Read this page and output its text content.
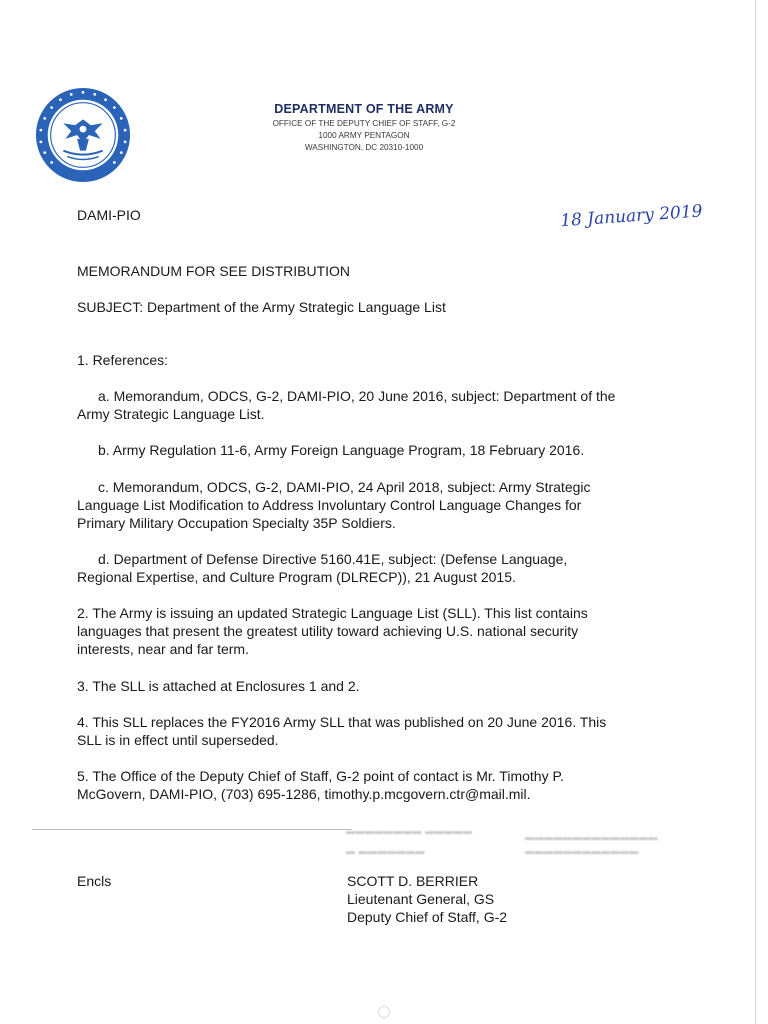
DEPARTMENT OF THE ARMY
OFFICE OF THE DEPUTY CHIEF OF STAFF, G-2
1000 ARMY PENTAGON
WASHINGTON, DC 20310-1000
DAMI-PIO	18 January 2019
MEMORANDUM FOR SEE DISTRIBUTION
SUBJECT: Department of the Army Strategic Language List
1. References:
a. Memorandum, ODCS, G-2, DAMI-PIO, 20 June 2016, subject: Department of the
Army Strategic Language List.
b. Army Regulation 11-6, Army Foreign Language Program, 18 February 2016.
c. Memorandum, ODCS, G-2, DAMI-PIO, 24 April 2018, subject: Army Strategic
Language List Modification to Address Involuntary Control Language Changes for
Primary Military Occupation Specialty 35P Soldiers.
d. Department of Defense Directive 5160.41E, subject: (Defense Language,
Regional Expertise, and Culture Program (DLRECP)), 21 August 2015.
2. The Army is issuing an updated Strategic Language List (SLL). This list contains
languages that present the greatest utility toward achieving U.S. national security
interests, near and far term.
3. The SLL is attached at Enclosures 1 and 2.
4. This SLL replaces the FY2016 Army SLL that was published on 20 June 2016. This
SLL is in effect until superseded.
5. The Office of the Deputy Chief of Staff, G-2 point of contact is Mr. Timothy P.
McGovern, DAMI-PIO, (703) 695-1286, timothy.p.mcgovern.ctr@mail.mil.
▬▬▬▬▬▬▬▬ ▬▬▬▬▬
▬ ▬▬▬▬▬▬▬
▬▬▬▬▬▬▬▬▬▬▬▬▬▬
▬▬▬▬▬▬▬▬▬▬▬▬
Encls	SCOTT D. BERRIER
Lieutenant General, GS
Deputy Chief of Staff, G-2
